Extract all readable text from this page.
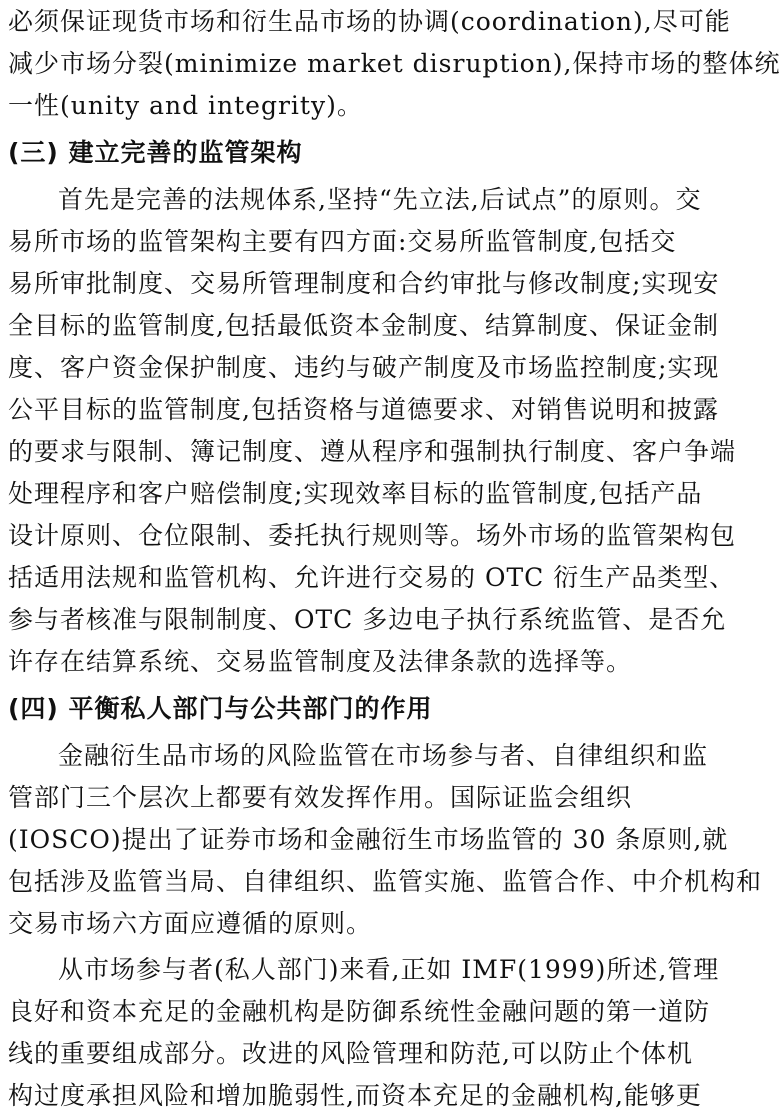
必须保证现货市场和衍生品市场的协调(coordination),尽可能
减少市场分裂(minimize market disruption),保持市场的整体统
一性(unity and integrity)。
(三) 建立完善的监管架构
首先是完善的法规体系,坚持“先立法,后试点”的原则。交
易所市场的监管架构主要有四方面:交易所监管制度,包括交
易所审批制度、交易所管理制度和合约审批与修改制度;实现安
全目标的监管制度,包括最低资本金制度、结算制度、保证金制
度、客户资金保护制度、违约与破产制度及市场监控制度;实现
公平目标的监管制度,包括资格与道德要求、对销售说明和披露
的要求与限制、簿记制度、遵从程序和强制执行制度、客户争端
处理程序和客户赔偿制度;实现效率目标的监管制度,包括产品
设计原则、仓位限制、委托执行规则等。场外市场的监管架构包
括适用法规和监管机构、允许进行交易的 OTC 衍生产品类型、
参与者核准与限制制度、OTC 多边电子执行系统监管、是否允
许存在结算系统、交易监管制度及法律条款的选择等。
(四) 平衡私人部门与公共部门的作用
金融衍生品市场的风险监管在市场参与者、自律组织和监
管部门三个层次上都要有效发挥作用。国际证监会组织
(IOSCO)提出了证券市场和金融衍生市场监管的 30 条原则,就
包括涉及监管当局、自律组织、监管实施、监管合作、中介机构和
交易市场六方面应遵循的原则。
从市场参与者(私人部门)来看,正如 IMF(1999)所述,管理
良好和资本充足的金融机构是防御系统性金融问题的第一道防
线的重要组成部分。改进的风险管理和防范,可以防止个体机
构过度承担风险和增加脆弱性,而资本充足的金融机构,能够更
